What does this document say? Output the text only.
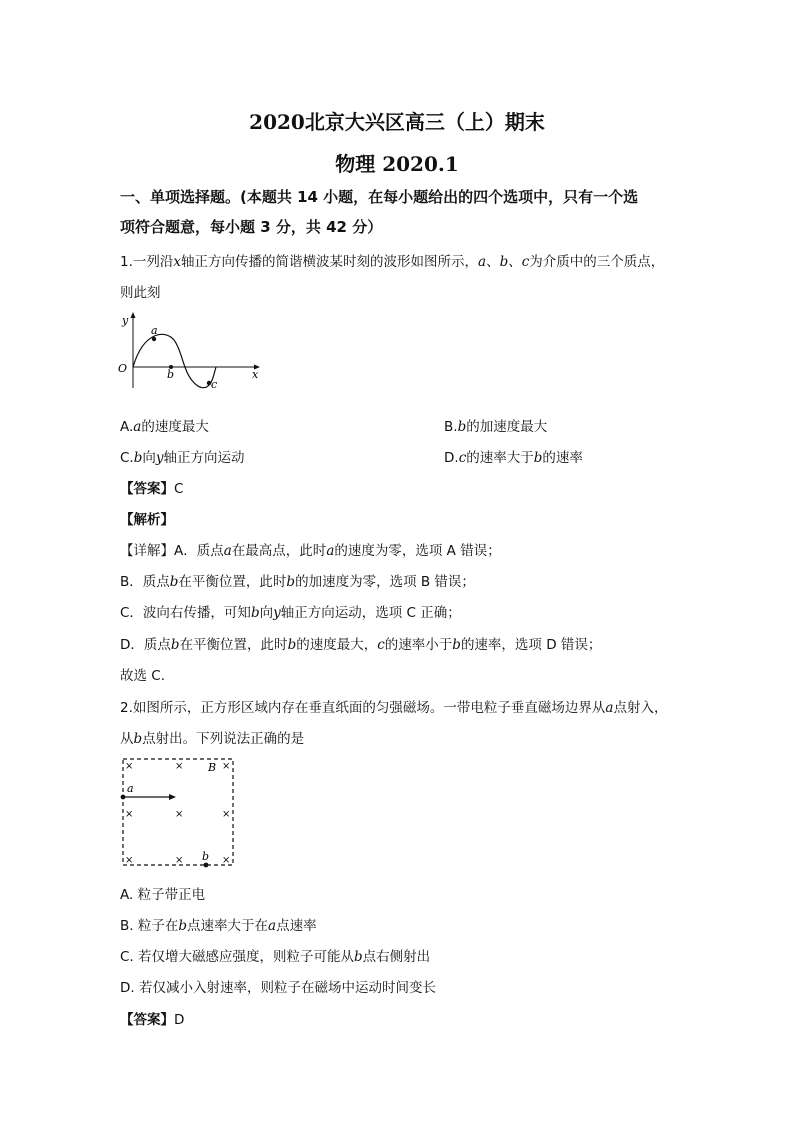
2020北京大兴区高三（上）期末
物理 2020.1
一、单项选择题。(本题共 14 小题，在每小题给出的四个选项中，只有一个选
项符合题意，每小题 3 分，共 42 分）
1.一列沿x轴正方向传播的简谐横波某时刻的波形如图所示，a、b、c为介质中的三个质点，
则此刻
y
x
O
a
b
c
A.a的速度最大	B.b的加速度最大
C.b向y轴正方向运动	D.c的速率大于b的速率
【答案】C
【解析】
【详解】A．质点a在最高点，此时a的速度为零，选项 A 错误；
B．质点b在平衡位置，此时b的加速度为零，选项 B 错误；
C．波向右传播，可知b向y轴正方向运动，选项 C 正确；
D．质点b在平衡位置，此时b的速度最大，c的速率小于b的速率，选项 D 错误；
故选 C.
2.如图所示，正方形区域内存在垂直纸面的匀强磁场。一带电粒子垂直磁场边界从a点射入，
从b点射出。下列说法正确的是
×	×	×
×	×	×
×	×	×
B
a
b
A. 粒子带正电
B. 粒子在b点速率大于在a点速率
C. 若仅增大磁感应强度，则粒子可能从b点右侧射出
D. 若仅减小入射速率，则粒子在磁场中运动时间变长
【答案】D
